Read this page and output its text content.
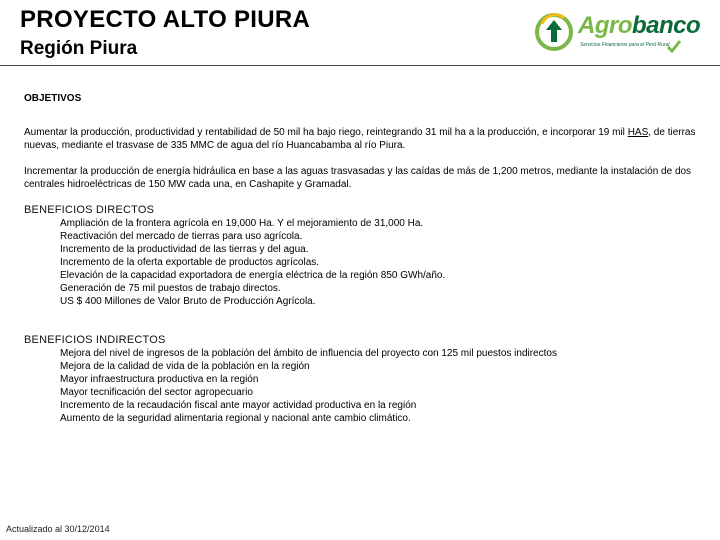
PROYECTO ALTO PIURA
Región Piura
Agrobanco
Servicios Financieros para el Perú Rural

OBJETIVOS

Aumentar la producción, productividad y rentabilidad de 50 mil ha bajo riego, reintegrando 31 mil ha a la producción, e incorporar 19 mil HAS, de tierras nuevas, mediante el trasvase de 335 MMC de agua del río Huancabamba al río Piura.

Incrementar la producción de energía hidráulica en base a las aguas trasvasadas y las caídas de más de 1,200 metros, mediante la instalación de dos centrales hidroeléctricas de 150 MW cada una, en Cashapite y Gramadal.

BENEFICIOS DIRECTOS

Ampliación de la frontera agrícola en 19,000 Ha. Y el mejoramiento de 31,000 Ha.
Reactivación del mercado de tierras para uso agrícola.
Incremento de la productividad de las tierras y del agua.
Incremento de la oferta exportable de productos agrícolas.
Elevación de la capacidad exportadora de energía eléctrica de la región 850 GWh/año.
Generación de 75 mil puestos de trabajo directos.
US $ 400 Millones de Valor Bruto de Producción Agrícola.

BENEFICIOS INDIRECTOS

Mejora del nivel de ingresos de la población del ámbito de influencia del proyecto con 125 mil puestos indirectos
Mejora de la calidad de vida de la población en la región
Mayor infraestructura productiva en la región
Mayor tecnificación del sector agropecuario
Incremento de la recaudación fiscal ante mayor actividad productiva en la región
Aumento de la seguridad alimentaria regional y nacional ante cambio climático.
Actualizado al 30/12/2014
